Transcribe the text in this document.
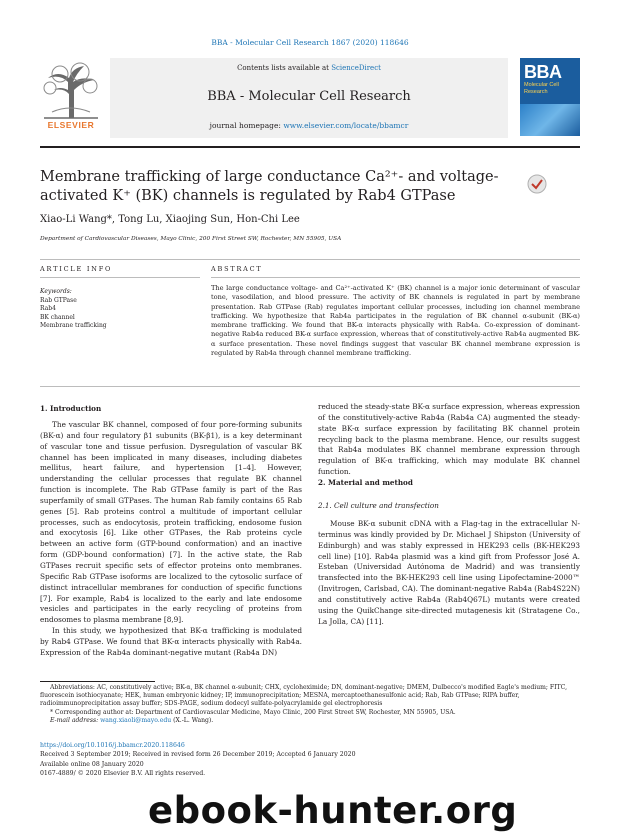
BBA - Molecular Cell Research 1867 (2020) 118646
ELSEVIER
Contents lists available at ScienceDirect
BBA - Molecular Cell Research
journal homepage: www.elsevier.com/locate/bbamcr
BBA
Molecular Cell Research
Membrane trafficking of large conductance Ca²⁺- and voltage-activated K⁺ (BK) channels is regulated by Rab4 GTPase
Xiao-Li Wang*, Tong Lu, Xiaojing Sun, Hon-Chi Lee
Department of Cardiovascular Diseases, Mayo Clinic, 200 First Street SW, Rochester, MN 55905, USA
ARTICLE INFO	ABSTRACT
Keywords:
Rab GTPase
Rab4
BK channel
Membrane trafficking
The large conductance voltage- and Ca²⁺-activated K⁺ (BK) channel is a major ionic determinant of vascular tone, vasodilation, and blood pressure. The activity of BK channels is regulated in part by membrane presentation. Rab GTPase (Rab) regulates important cellular processes, including ion channel membrane trafficking. We hypothesize that Rab4a participates in the regulation of BK channel α-subunit (BK-α) membrane trafficking. We found that BK-α interacts physically with Rab4a. Co-expression of dominant-negative Rab4a reduced BK-α surface expression, whereas that of constitutively-active Rab4a augmented BK-α surface presentation. These novel findings suggest that vascular BK channel membrane expression is regulated by Rab4a through channel membrane trafficking.
1. Introduction

The vascular BK channel, composed of four pore-forming subunits (BK-α) and four regulatory β1 subunits (BK-β1), is a key determinant of vascular tone and tissue perfusion. Dysregulation of vascular BK channel has been implicated in many diseases, including diabetes mellitus, heart failure, and hypertension [1–4]. However, understanding the cellular processes that regulate BK channel function is incomplete. The Rab GTPase family is part of the Ras superfamily of small GTPases. The human Rab family contains 65 Rab genes [5]. Rab proteins control a multitude of important cellular processes, such as endocytosis, protein trafficking, endosome fusion and exocytosis [6]. Like other GTPases, the Rab proteins cycle between an active form (GTP-bound conformation) and an inactive form (GDP-bound conformation) [7]. In the active state, the Rab GTPases recruit specific sets of effector proteins onto membranes. Specific Rab GTPase isoforms are localized to the cytosolic surface of distinct intracellular membranes for conduction of specific functions [7]. For example, Rab4 is localized to the early and late endosome vesicles and participates in the early recycling of proteins from endosomes to plasma membrane [8,9].

In this study, we hypothesized that BK-α trafficking is modulated by Rab4 GTPase. We found that BK-α interacts physically with Rab4a. Expression of the Rab4a dominant-negative mutant (Rab4a DN)

reduced the steady-state BK-α surface expression, whereas expression of the constitutively-active Rab4a (Rab4a CA) augmented the steady-state BK-α surface expression by facilitating BK channel protein recycling back to the plasma membrane. Hence, our results suggest that Rab4a modulates BK channel membrane expression through regulation of BK-α trafficking, which may modulate BK channel function.

2. Material and method
2.1. Cell culture and transfection

Mouse BK-α subunit cDNA with a Flag-tag in the extracellular N-terminus was kindly provided by Dr. Michael J Shipston (University of Edinburgh) and was stably expressed in HEK293 cells (BK-HEK293 cell line) [10]. Rab4a plasmid was a kind gift from Professor José A. Esteban (Universidad Autónoma de Madrid) and was transiently transfected into the BK-HEK293 cell line using Lipofectamine-2000™ (Invitrogen, Carlsbad, CA). The dominant-negative Rab4a (Rab4S22N) and constitutively active Rab4a (Rab4Q67L) mutants were created using the QuikChange site-directed mutagenesis kit (Stratagene Co., La Jolla, CA) [11].

Abbreviations: AC, constitutively active; BK-α, BK channel α-subunit; CHX, cycloheximide; DN, dominant-negative; DMEM, Dulbecco's modified Eagle's medium; FITC, fluorescein isothiocyanate; HEK, human embryonic kidney; IP, immunoprecipitation; MESNA, mercaptoethanesulfonic acid; Rab, Rab GTPase; RIPA buffer, radioimmunoprecipitation assay buffer; SDS-PAGE, sodium dodecyl sulfate-polyacrylamide gel electrophoresis

* Corresponding author at: Department of Cardiovascular Medicine, Mayo Clinic, 200 First Street SW, Rochester, MN 55905, USA.

E-mail address: wang.xiaoli@mayo.edu (X.-L. Wang).

https://doi.org/10.1016/j.bbamcr.2020.118646
Received 3 September 2019; Received in revised form 26 December 2019; Accepted 6 January 2020
Available online 08 January 2020
0167-4889/ © 2020 Elsevier B.V. All rights reserved.
ebook-hunter.org
